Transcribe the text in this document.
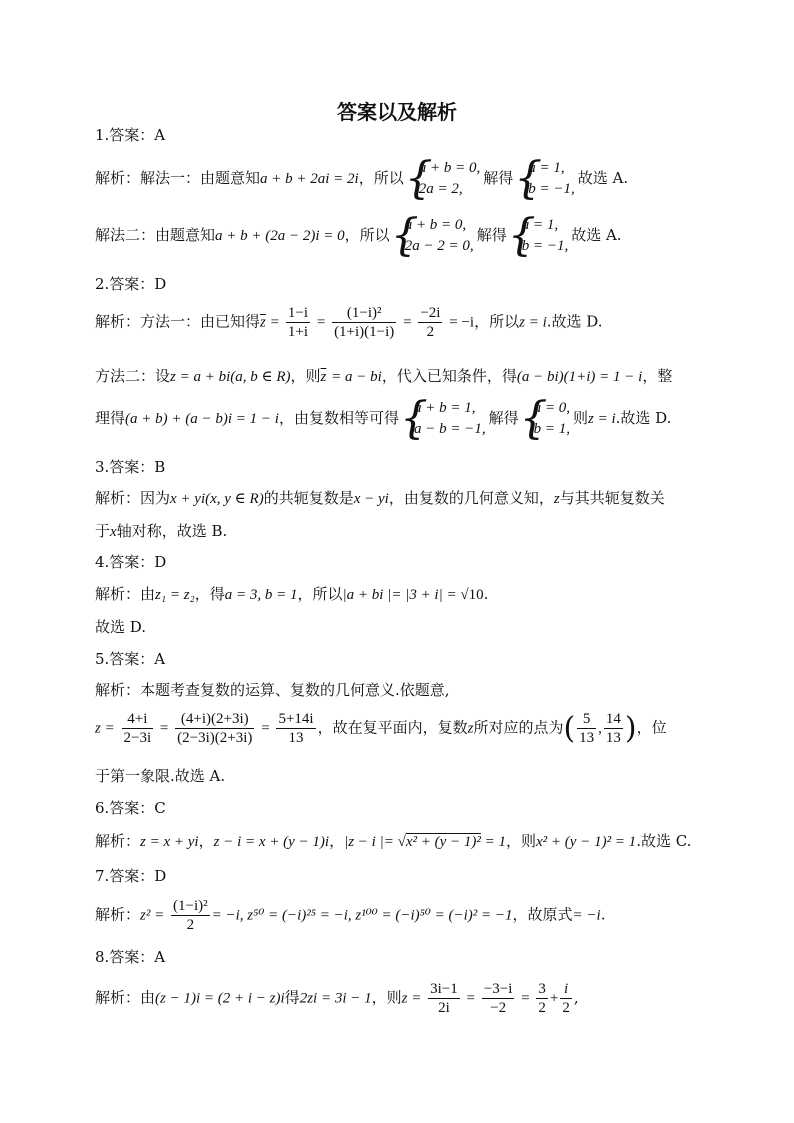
答案以及解析
1.答案：A
解析：解法一：由题意知a + b + 2ai = 2i，所以
{ a + b = 0,
2a = 2,
解得
{ a = 1,
b = −1,
故选 A.
解法二：由题意知a + b + (2a − 2)i = 0，所以
{ a + b = 0,
2a − 2 = 0,
解得
{ a = 1,
b = −1,
故选 A.
2.答案：D
解析：方法一：由已知得$\overline{z} = \frac{1-i}{1+i} = \frac{\text{(1−i)²}}{(1+i)(1-i)} = \frac{-2i}{2} = -i$，所以z = i.故选 D.
方法二：设z = a + bi(a, b ∈ R)，则$\overline{z} = a$ − bi，代入已知条件，得(a − bi)(1+i) = 1 − i，整
理得(a + b) + (a − b)i = 1 − i，由复数相等可得
{ a + b = 1,
a − b = −1,
解得
{ a = 0,
b = 1,
则z = i.故选 D.
3.答案：B
解析：因为x + yi(x, y ∈ R)的共轭复数是x − yi，由复数的几何意义知，z与其共轭复数关
于x轴对称，故选 B.
4.答案：D
解析：由z₁ = z₂，得a = 3, b = 1，所以|a + bi |= |3 + i| = √10.
故选 D.
5.答案：A
解析：本题考查复数的运算、复数的几何意义.依题意,
$z = \frac{4+i}{2-3i} = \frac{(4+i)(2+3i)}{(2-3i)(2+3i)} = \frac{5+14i}{13}$ ，故在复平面内，复数z所对应的点为( $\frac{5}{13}$ , $\frac{14}{13}$ )，位
于第一象限.故选 A.
6.答案：C
解析：z = x + yi，z − i = x + (y − 1)i，|z − i |= √x² + (y − 1)² = 1，则x² + (y − 1)² = 1.故选 C.
7.答案：D
解析：$z^2 = \frac{\text{(1−i)²}}{2} = -i$, z⁵⁰ = (−i)²⁵ = −i, z¹⁰⁰ = (−i)⁵⁰ = (−i)² = −1，故原式= −i.
8.答案：A
解析：由(z − 1)i = (2 + i − z)i得2zi = 3i − 1，则$z = \frac{3i-1}{2i} = \frac{-3-i}{-2} = \frac{3}{2} + \frac{i}{2}$ ,
